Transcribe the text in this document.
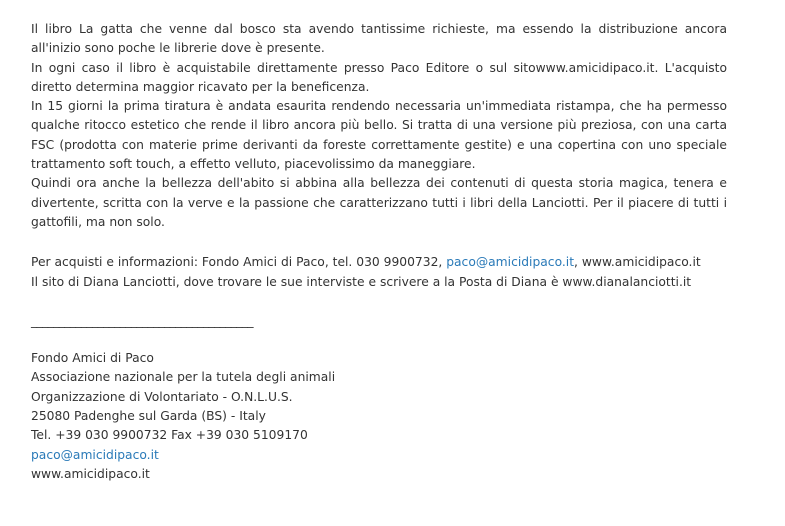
Il libro La gatta che venne dal bosco sta avendo tantissime richieste, ma essendo la distribuzione ancora all'inizio sono poche le librerie dove è presente.

In ogni caso il libro è acquistabile direttamente presso Paco Editore o sul sitowww.amicidipaco.it. L'acquisto diretto determina maggior ricavato per la beneficenza.

In 15 giorni la prima tiratura è andata esaurita rendendo necessaria un'immediata ristampa, che ha permesso qualche ritocco estetico che rende il libro ancora più bello. Si tratta di una versione più preziosa, con una carta FSC (prodotta con materie prime derivanti da foreste correttamente gestite) e una copertina con uno speciale trattamento soft touch, a effetto velluto, piacevolissimo da maneggiare.

Quindi ora anche la bellezza dell'abito si abbina alla bellezza dei contenuti di questa storia magica, tenera e divertente, scritta con la verve e la passione che caratterizzano tutti i libri della Lanciotti. Per il piacere di tutti i gattofili, ma non solo.

Per acquisti e informazioni: Fondo Amici di Paco, tel. 030 9900732, paco@amicidipaco.it, www.amicidipaco.it

Il sito di Diana Lanciotti, dove trovare le sue interviste e scrivere a la Posta di Diana è www.dianalanciotti.it

________________________________________

Fondo Amici di Paco

Associazione nazionale per la tutela degli animali

Organizzazione di Volontariato - O.N.L.U.S.

25080 Padenghe sul Garda (BS) - Italy

Tel. +39 030 9900732 Fax +39 030 5109170

paco@amicidipaco.it

www.amicidipaco.it
